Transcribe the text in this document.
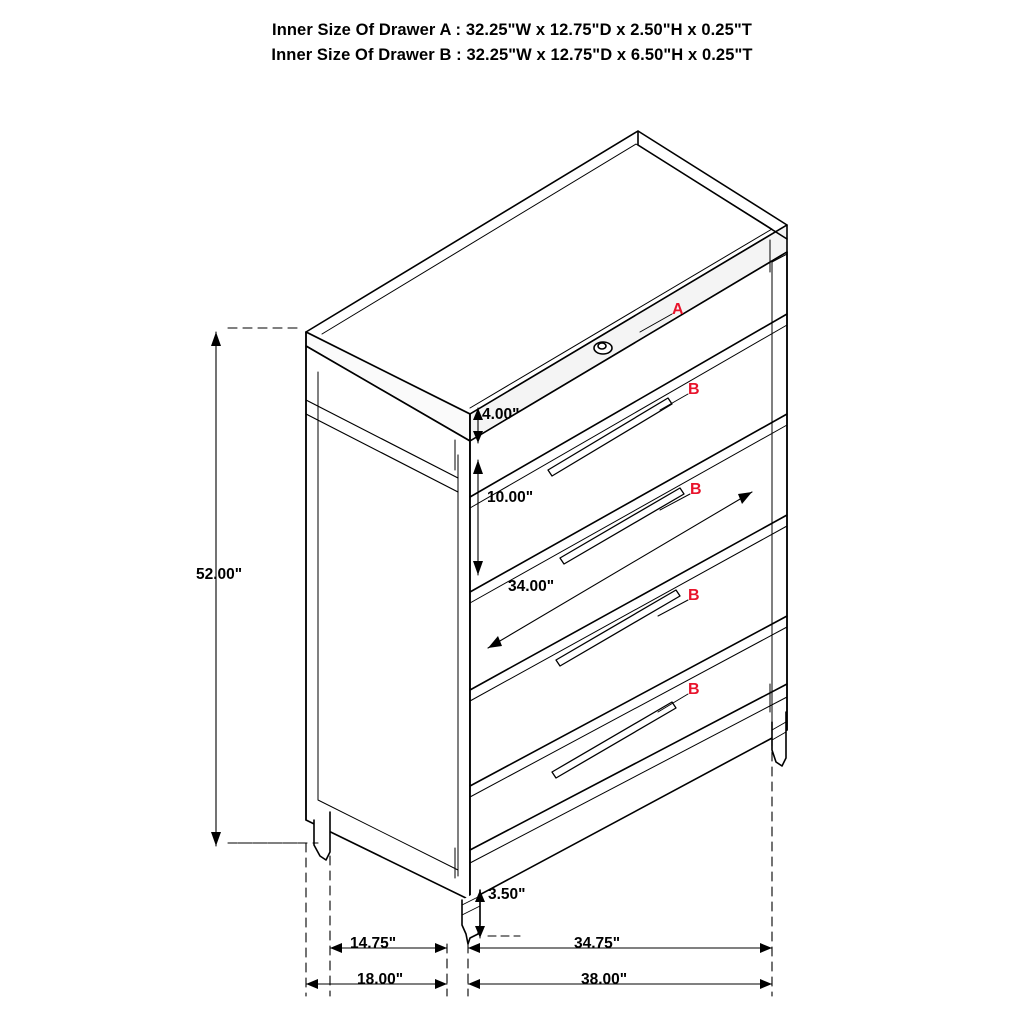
Inner Size Of Drawer A : 32.25"W x 12.75"D x 2.50"H x 0.25"T
Inner Size Of Drawer B : 32.25"W x 12.75"D x 6.50"H x 0.25"T
52.00"
4.00"
10.00"
34.00"
3.50"
14.75"	34.75"
18.00"	38.00"
A
B
B
B
B
